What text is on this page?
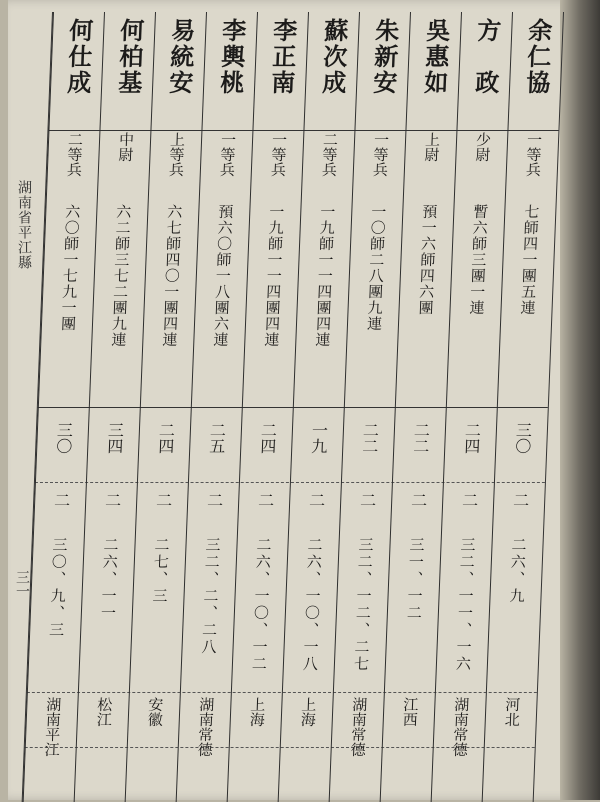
湖南省平江縣
三一
余仁協
一等兵
七師四一團五連
三〇
二
二六、九
河北
方　政
少尉
暫六師三團一連
二四
二
三二、一一、一六
湖南常德
吳惠如
上尉
預一六師四六團
二二
二
三一、一二
江西
朱新安
一等兵
一〇師二八團九連
二二
二
三二、一二、二七
湖南常德
蘇次成
二等兵
一九師一一四團四連
一九
二
二六、一〇、一八
上海
李正南
一等兵
一九師一一四團四連
二四
二
二六、一〇、一二
上海
李輿桃
一等兵
預六〇師一八團六連
二五
二
三二、二、二八
湖南常德
易統安
上等兵
六七師四〇一團四連
二四
二
二七、三
安徽
何柏基
中尉
六二師三七二團九連
三四
二
二六、一一
松江
何仕成
二等兵
六〇師一七九一團
三〇
二
三〇、九、三
湖南平江
